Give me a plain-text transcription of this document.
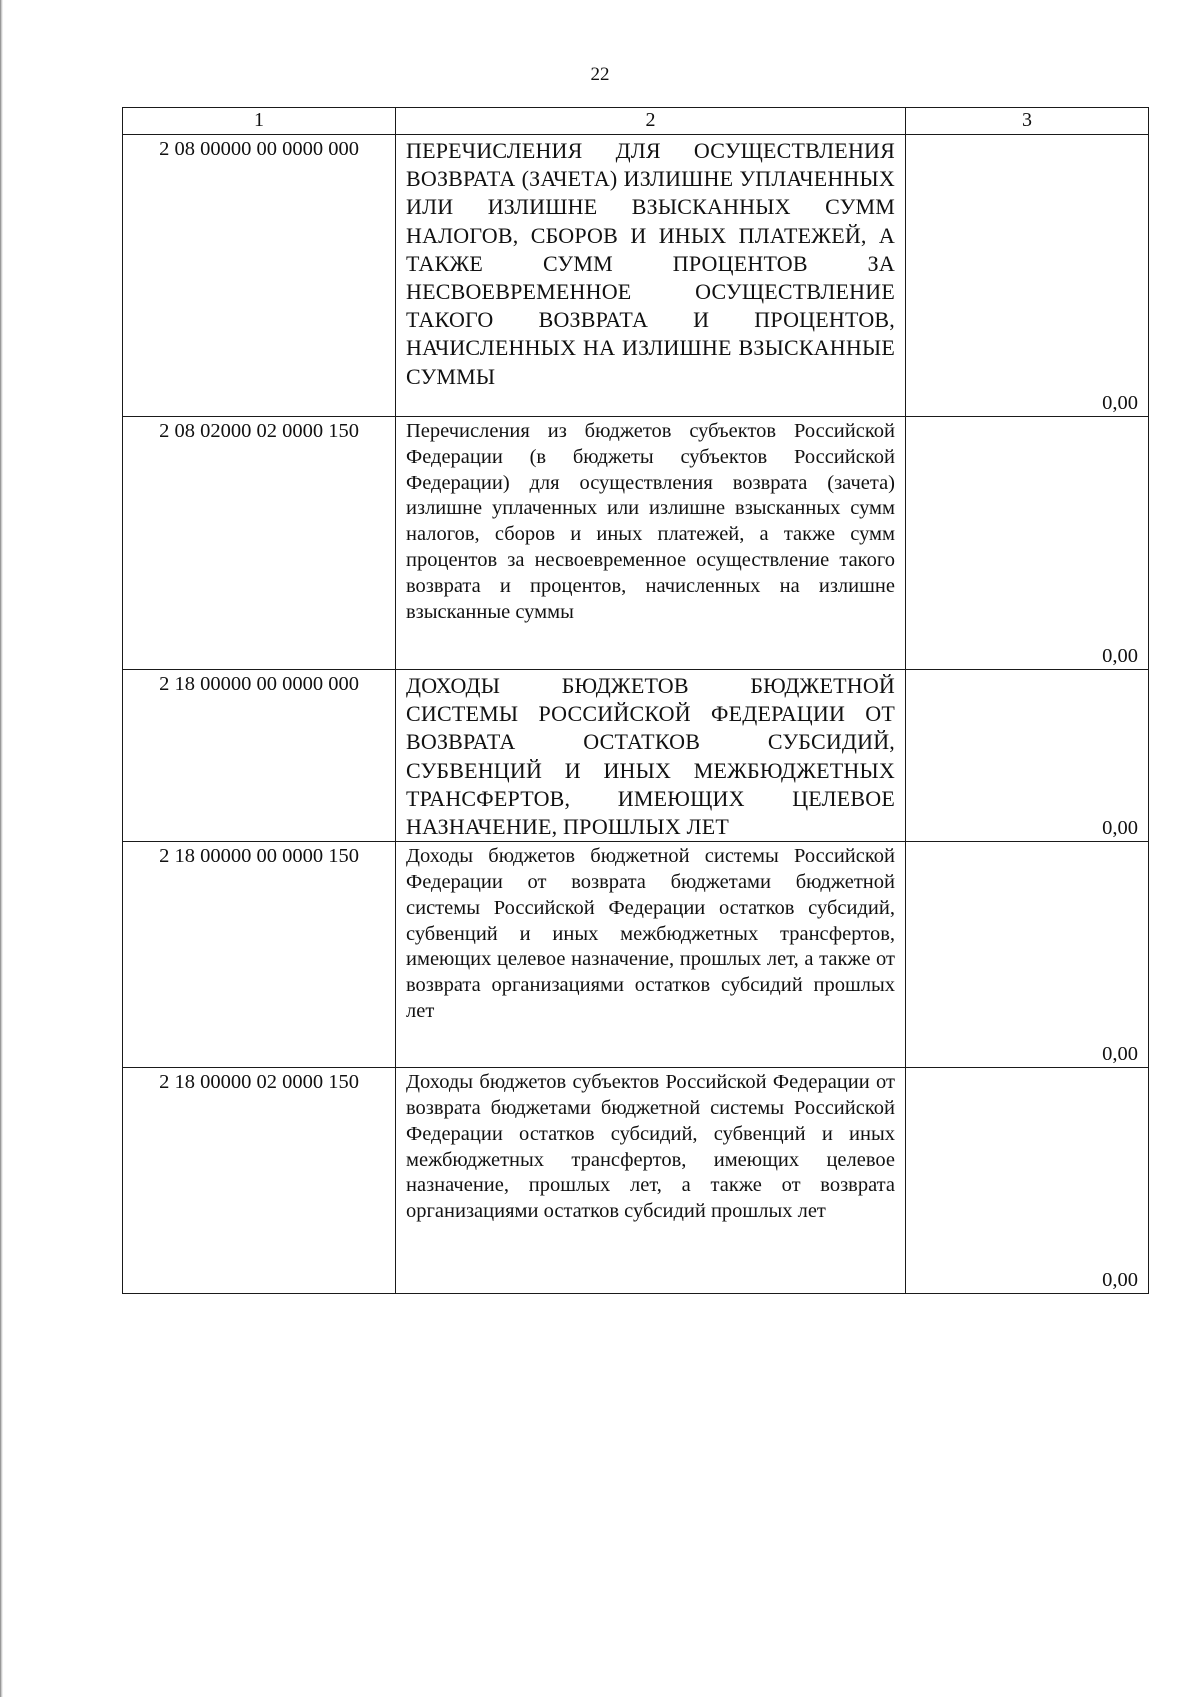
22
1	2	3
2 08 00000 00 0000 000	ПЕРЕЧИСЛЕНИЯ ДЛЯ ОСУЩЕСТВЛЕНИЯ ВОЗВРАТА (ЗАЧЕТА) ИЗЛИШНЕ УПЛАЧЕННЫХ ИЛИ ИЗЛИШНЕ ВЗЫСКАННЫХ СУММ НАЛОГОВ, СБОРОВ И ИНЫХ ПЛАТЕЖЕЙ, А ТАКЖЕ СУММ ПРОЦЕНТОВ ЗА НЕСВОЕВРЕМЕННОЕ ОСУЩЕСТВЛЕНИЕ ТАКОГО ВОЗВРАТА И ПРОЦЕНТОВ, НАЧИСЛЕННЫХ НА ИЗЛИШНЕ ВЗЫСКАННЫЕ СУММЫ	0,00

2 08 02000 02 0000 150	Перечисления из бюджетов субъектов Российской Федерации (в бюджеты субъектов Российской Федерации) для осуществления возврата (зачета) излишне уплаченных или излишне взысканных сумм налогов, сборов и иных платежей, а также сумм процентов за несвоевременное осуществление такого возврата и процентов, начисленных на излишне взысканные суммы	0,00

2 18 00000 00 0000 000	ДОХОДЫ БЮДЖЕТОВ БЮДЖЕТНОЙ СИСТЕМЫ РОССИЙСКОЙ ФЕДЕРАЦИИ ОТ ВОЗВРАТА ОСТАТКОВ СУБСИДИЙ, СУБВЕНЦИЙ И ИНЫХ МЕЖБЮДЖЕТНЫХ ТРАНСФЕРТОВ, ИМЕЮЩИХ ЦЕЛЕВОЕ НАЗНАЧЕНИЕ, ПРОШЛЫХ ЛЕТ	0,00

2 18 00000 00 0000 150	Доходы бюджетов бюджетной системы Российской Федерации от возврата бюджетами бюджетной системы Российской Федерации остатков субсидий, субвенций и иных межбюджетных трансфертов, имеющих целевое назначение, прошлых лет, а также от возврата организациями остатков субсидий прошлых лет	0,00

2 18 00000 02 0000 150	Доходы бюджетов субъектов Российской Федерации от возврата бюджетами бюджетной системы Российской Федерации остатков субсидий, субвенций и иных межбюджетных трансфертов, имеющих целевое назначение, прошлых лет, а также от возврата организациями остатков субсидий прошлых лет	0,00
